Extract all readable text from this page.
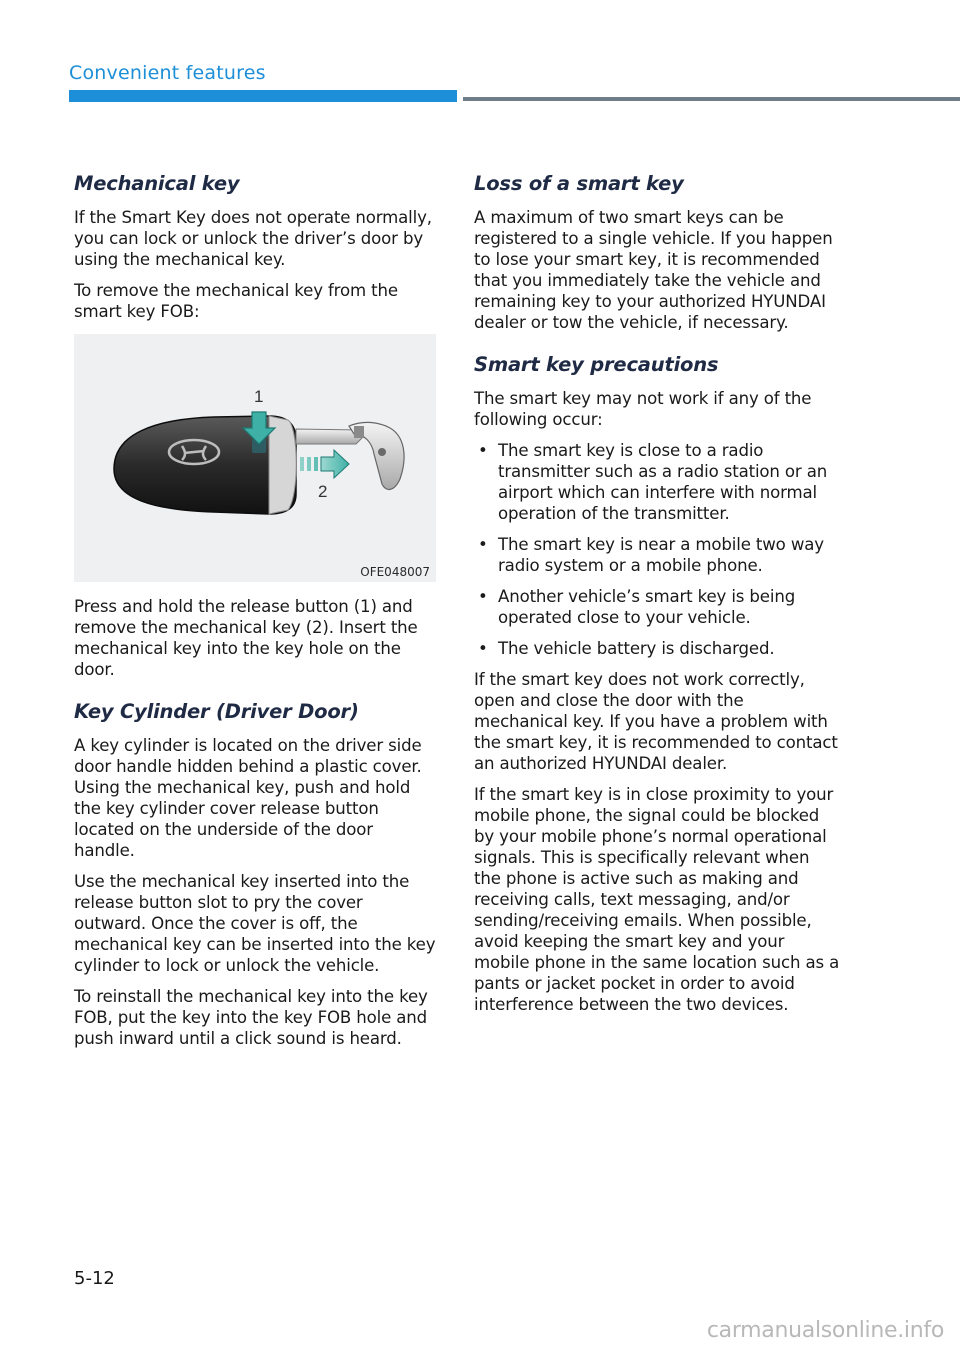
Convenient features
Mechanical key

If the Smart Key does not operate normally, you can lock or unlock the driver’s door by using the mechanical key.

To remove the mechanical key from the smart key FOB:

1
2
OFE048007

Press and hold the release button (1) and remove the mechanical key (2). Insert the mechanical key into the key hole on the door.

Key Cylinder (Driver Door)

A key cylinder is located on the driver side door handle hidden behind a plastic cover. Using the mechanical key, push and hold the key cylinder cover release button located on the underside of the door handle.

Use the mechanical key inserted into the release button slot to pry the cover outward. Once the cover is off, the mechanical key can be inserted into the key cylinder to lock or unlock the vehicle.

To reinstall the mechanical key into the key FOB, put the key into the key FOB hole and push inward until a click sound is heard.

Loss of a smart key

A maximum of two smart keys can be registered to a single vehicle. If you happen to lose your smart key, it is recommended that you immediately take the vehicle and remaining key to your authorized HYUNDAI dealer or tow the vehicle, if necessary.

Smart key precautions

The smart key may not work if any of the following occur:

• The smart key is close to a radio transmitter such as a radio station or an airport which can interfere with normal operation of the transmitter.
• The smart key is near a mobile two way radio system or a mobile phone.
• Another vehicle’s smart key is being operated close to your vehicle.
• The vehicle battery is discharged.

If the smart key does not work correctly, open and close the door with the mechanical key. If you have a problem with the smart key, it is recommended to contact an authorized HYUNDAI dealer.

If the smart key is in close proximity to your mobile phone, the signal could be blocked by your mobile phone’s normal operational signals. This is specifically relevant when the phone is active such as making and receiving calls, text messaging, and/or sending/receiving emails. When possible, avoid keeping the smart key and your mobile phone in the same location such as a pants or jacket pocket in order to avoid interference between the two devices.

5-12
carmanualsonline.info
